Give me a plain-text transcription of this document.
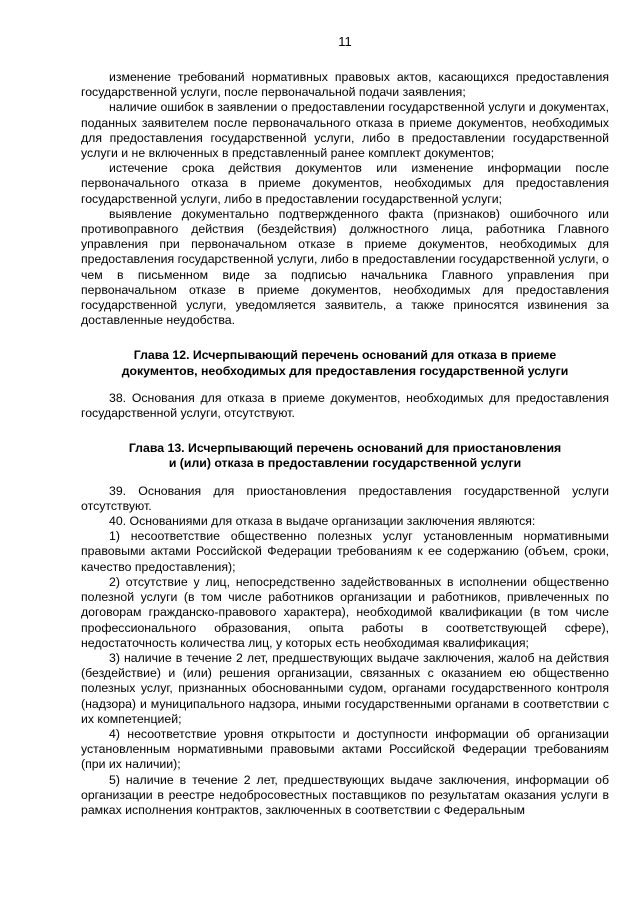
11

изменение требований нормативных правовых актов, касающихся предоставления государственной услуги, после первоначальной подачи заявления;

наличие ошибок в заявлении о предоставлении государственной услуги и документах, поданных заявителем после первоначального отказа в приеме документов, необходимых для предоставления государственной услуги, либо в предоставлении государственной услуги и не включенных в представленный ранее комплект документов;

истечение срока действия документов или изменение информации после первоначального отказа в приеме документов, необходимых для предоставления государственной услуги, либо в предоставлении государственной услуги;

выявление документально подтвержденного факта (признаков) ошибочного или противоправного действия (бездействия) должностного лица, работника Главного управления при первоначальном отказе в приеме документов, необходимых для предоставления государственной услуги, либо в предоставлении государственной услуги, о чем в письменном виде за подписью начальника Главного управления при первоначальном отказе в приеме документов, необходимых для предоставления государственной услуги, уведомляется заявитель, а также приносятся извинения за доставленные неудобства.

Глава 12. Исчерпывающий перечень оснований для отказа в приеме

документов, необходимых для предоставления государственной услуги

38. Основания для отказа в приеме документов, необходимых для предоставления государственной услуги, отсутствуют.

Глава 13. Исчерпывающий перечень оснований для приостановления

и (или) отказа в предоставлении государственной услуги

39. Основания для приостановления предоставления государственной услуги отсутствуют.

40. Основаниями для отказа в выдаче организации заключения являются:

1) несоответствие общественно полезных услуг установленным нормативными правовыми актами Российской Федерации требованиям к ее содержанию (объем, сроки, качество предоставления);

2) отсутствие у лиц, непосредственно задействованных в исполнении общественно полезной услуги (в том числе работников организации и работников, привлеченных по договорам гражданско-правового характера), необходимой квалификации (в том числе профессионального образования, опыта работы в соответствующей сфере), недостаточность количества лиц, у которых есть необходимая квалификация;

3) наличие в течение 2 лет, предшествующих выдаче заключения, жалоб на действия (бездействие) и (или) решения организации, связанных с оказанием ею общественно полезных услуг, признанных обоснованными судом, органами государственного контроля (надзора) и муниципального надзора, иными государственными органами в соответствии с их компетенцией;

4) несоответствие уровня открытости и доступности информации об организации установленным нормативными правовыми актами Российской Федерации требованиям (при их наличии);

5) наличие в течение 2 лет, предшествующих выдаче заключения, информации об организации в реестре недобросовестных поставщиков по результатам оказания услуги в рамках исполнения контрактов, заключенных в соответствии с Федеральным
